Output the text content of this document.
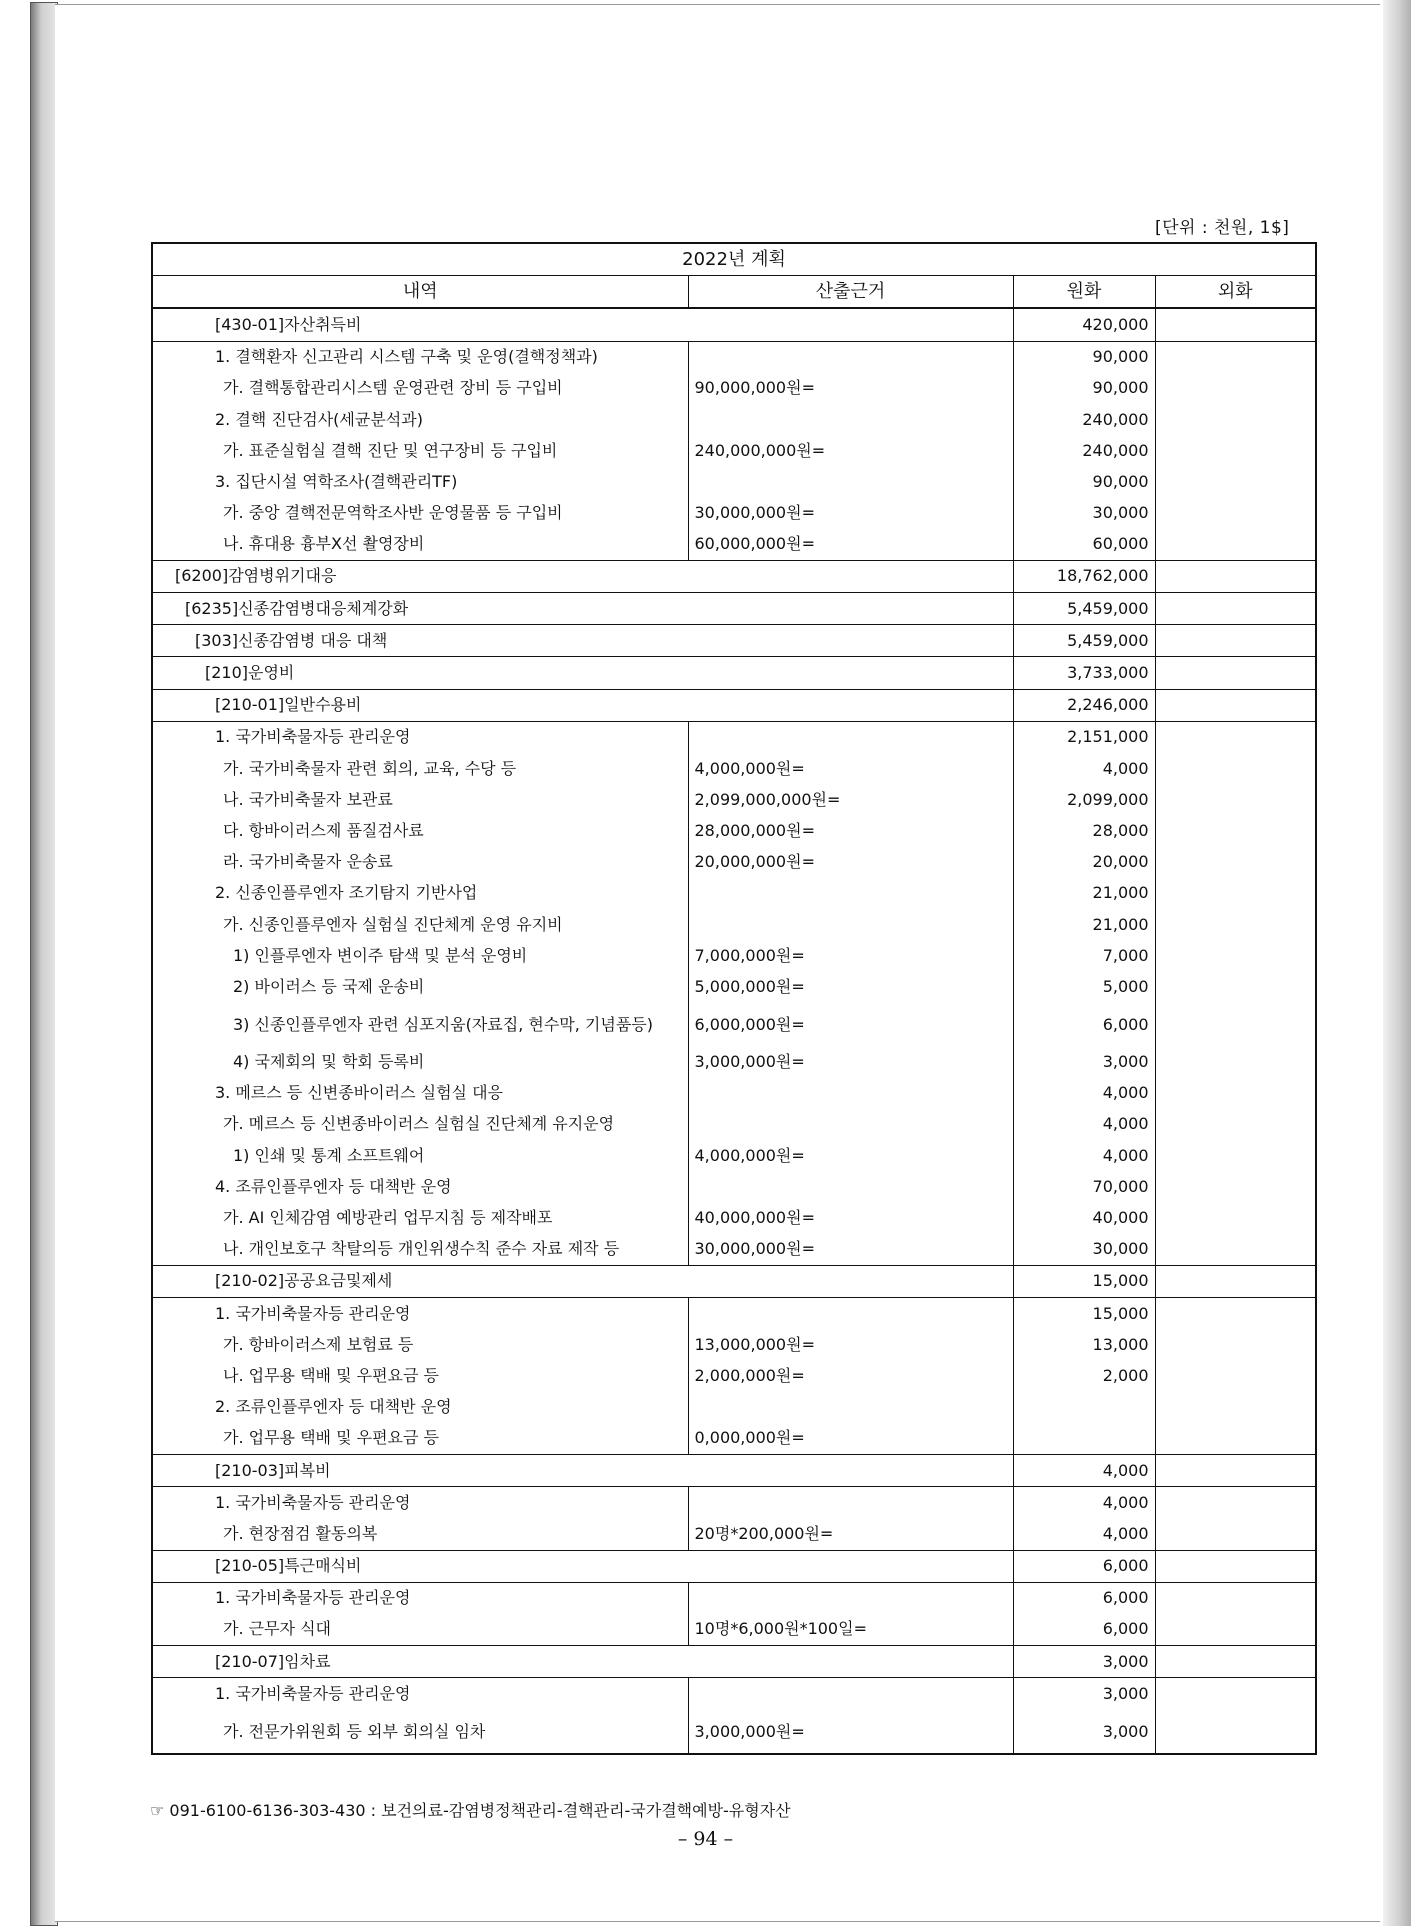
[단위 : 천원, 1$]
2022년 계획			
내역	산출근거	원화	외화
[430-01]자산취득비		420,000	
1. 결핵환자 신고관리 시스템 구축 및 운영(결핵정책과)		90,000	
가. 결핵통합관리시스템 운영관련 장비 등 구입비	90,000,000원=	90,000	
2. 결핵 진단검사(세균분석과)		240,000	
가. 표준실험실 결핵 진단 및 연구장비 등 구입비	240,000,000원=	240,000	
3. 집단시설 역학조사(결핵관리TF)		90,000	
가. 중앙 결핵전문역학조사반 운영물품 등 구입비	30,000,000원=	30,000	
나. 휴대용 흉부X선 촬영장비	60,000,000원=	60,000	
[6200]감염병위기대응		18,762,000	
[6235]신종감염병대응체계강화		5,459,000	
[303]신종감염병 대응 대책		5,459,000	
[210]운영비		3,733,000	
[210-01]일반수용비		2,246,000	
1. 국가비축물자등 관리운영		2,151,000	
가. 국가비축물자 관련 회의, 교육, 수당 등	4,000,000원=	4,000	
나. 국가비축물자 보관료	2,099,000,000원=	2,099,000	
다. 항바이러스제 품질검사료	28,000,000원=	28,000	
라. 국가비축물자 운송료	20,000,000원=	20,000	
2. 신종인플루엔자 조기탐지 기반사업		21,000	
가. 신종인플루엔자 실험실 진단체계 운영 유지비		21,000	
1) 인플루엔자 변이주 탐색 및 분석 운영비	7,000,000원=	7,000	
2) 바이러스 등 국제 운송비	5,000,000원=	5,000	
3) 신종인플루엔자 관련 심포지움(자료집, 현수막, 기념품등)	6,000,000원=	6,000	
4) 국제회의 및 학회 등록비	3,000,000원=	3,000	
3. 메르스 등 신변종바이러스 실험실 대응		4,000	
가. 메르스 등 신변종바이러스 실험실 진단체계 유지운영		4,000	
1) 인쇄 및 통계 소프트웨어	4,000,000원=	4,000	
4. 조류인플루엔자 등 대책반 운영		70,000	
가. AI 인체감염 예방관리 업무지침 등 제작배포	40,000,000원=	40,000	
나. 개인보호구 착탈의등 개인위생수칙 준수 자료 제작 등	30,000,000원=	30,000	
[210-02]공공요금및제세		15,000	
1. 국가비축물자등 관리운영		15,000	
가. 항바이러스제 보험료 등	13,000,000원=	13,000	
나. 업무용 택배 및 우편요금 등	2,000,000원=	2,000	
2. 조류인플루엔자 등 대책반 운영			
가. 업무용 택배 및 우편요금 등	0,000,000원=		
[210-03]피복비		4,000	
1. 국가비축물자등 관리운영		4,000	
가. 현장점검 활동의복	20명*200,000원=	4,000	
[210-05]특근매식비		6,000	
1. 국가비축물자등 관리운영		6,000	
가. 근무자 식대	10명*6,000원*100일=	6,000	
[210-07]임차료		3,000	
1. 국가비축물자등 관리운영		3,000	
가. 전문가위원회 등 외부 회의실 임차	3,000,000원=	3,000	
☞ 091-6100-6136-303-430 : 보건의료-감염병정책관리-결핵관리-국가결핵예방-유형자산
– 94 –
